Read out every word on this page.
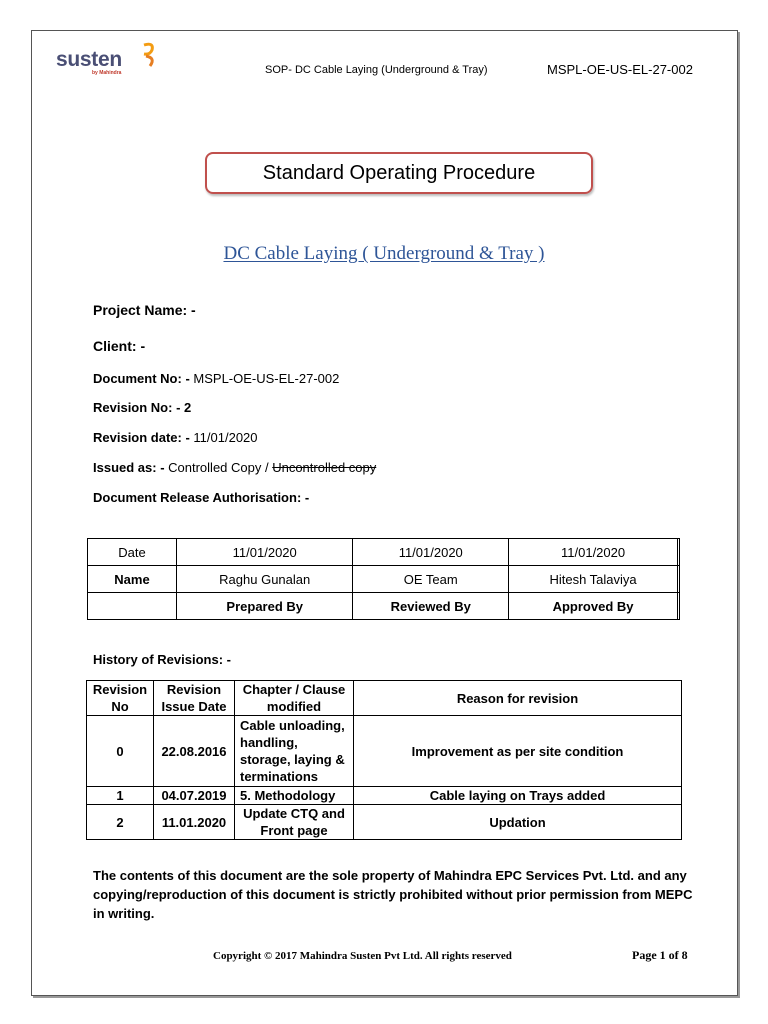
susten
by Mahindra	SOP- DC Cable Laying (Underground & Tray)	MSPL-OE-US-EL-27-002
Standard Operating Procedure
DC Cable Laying ( Underground & Tray )
Project Name: -
Client: -
Document No: - MSPL-OE-US-EL-27-002
Revision No: - 2
Revision date: - 11/01/2020
Issued as: - Controlled Copy / Uncontrolled copy
Document Release Authorisation: -
Date	11/01/2020	11/01/2020	11/01/2020	
Name	Raghu Gunalan	OE Team	Hitesh Talaviya	
	Prepared By	Reviewed By	Approved By	
History of Revisions: -
Revision No	Revision Issue Date	Chapter / Clause modified	Reason for revision
0	22.08.2016	Cable unloading, handling, storage, laying & terminations	Improvement as per site condition
1	04.07.2019	5. Methodology	Cable laying on Trays added
2	11.01.2020	Update CTQ and Front page	Updation
The contents of this document are the sole property of Mahindra EPC Services Pvt. Ltd. and any copying/reproduction of this document is strictly prohibited without prior permission from MEPC in writing.
Copyright © 2017 Mahindra Susten Pvt Ltd. All rights reserved	Page 1 of 8
